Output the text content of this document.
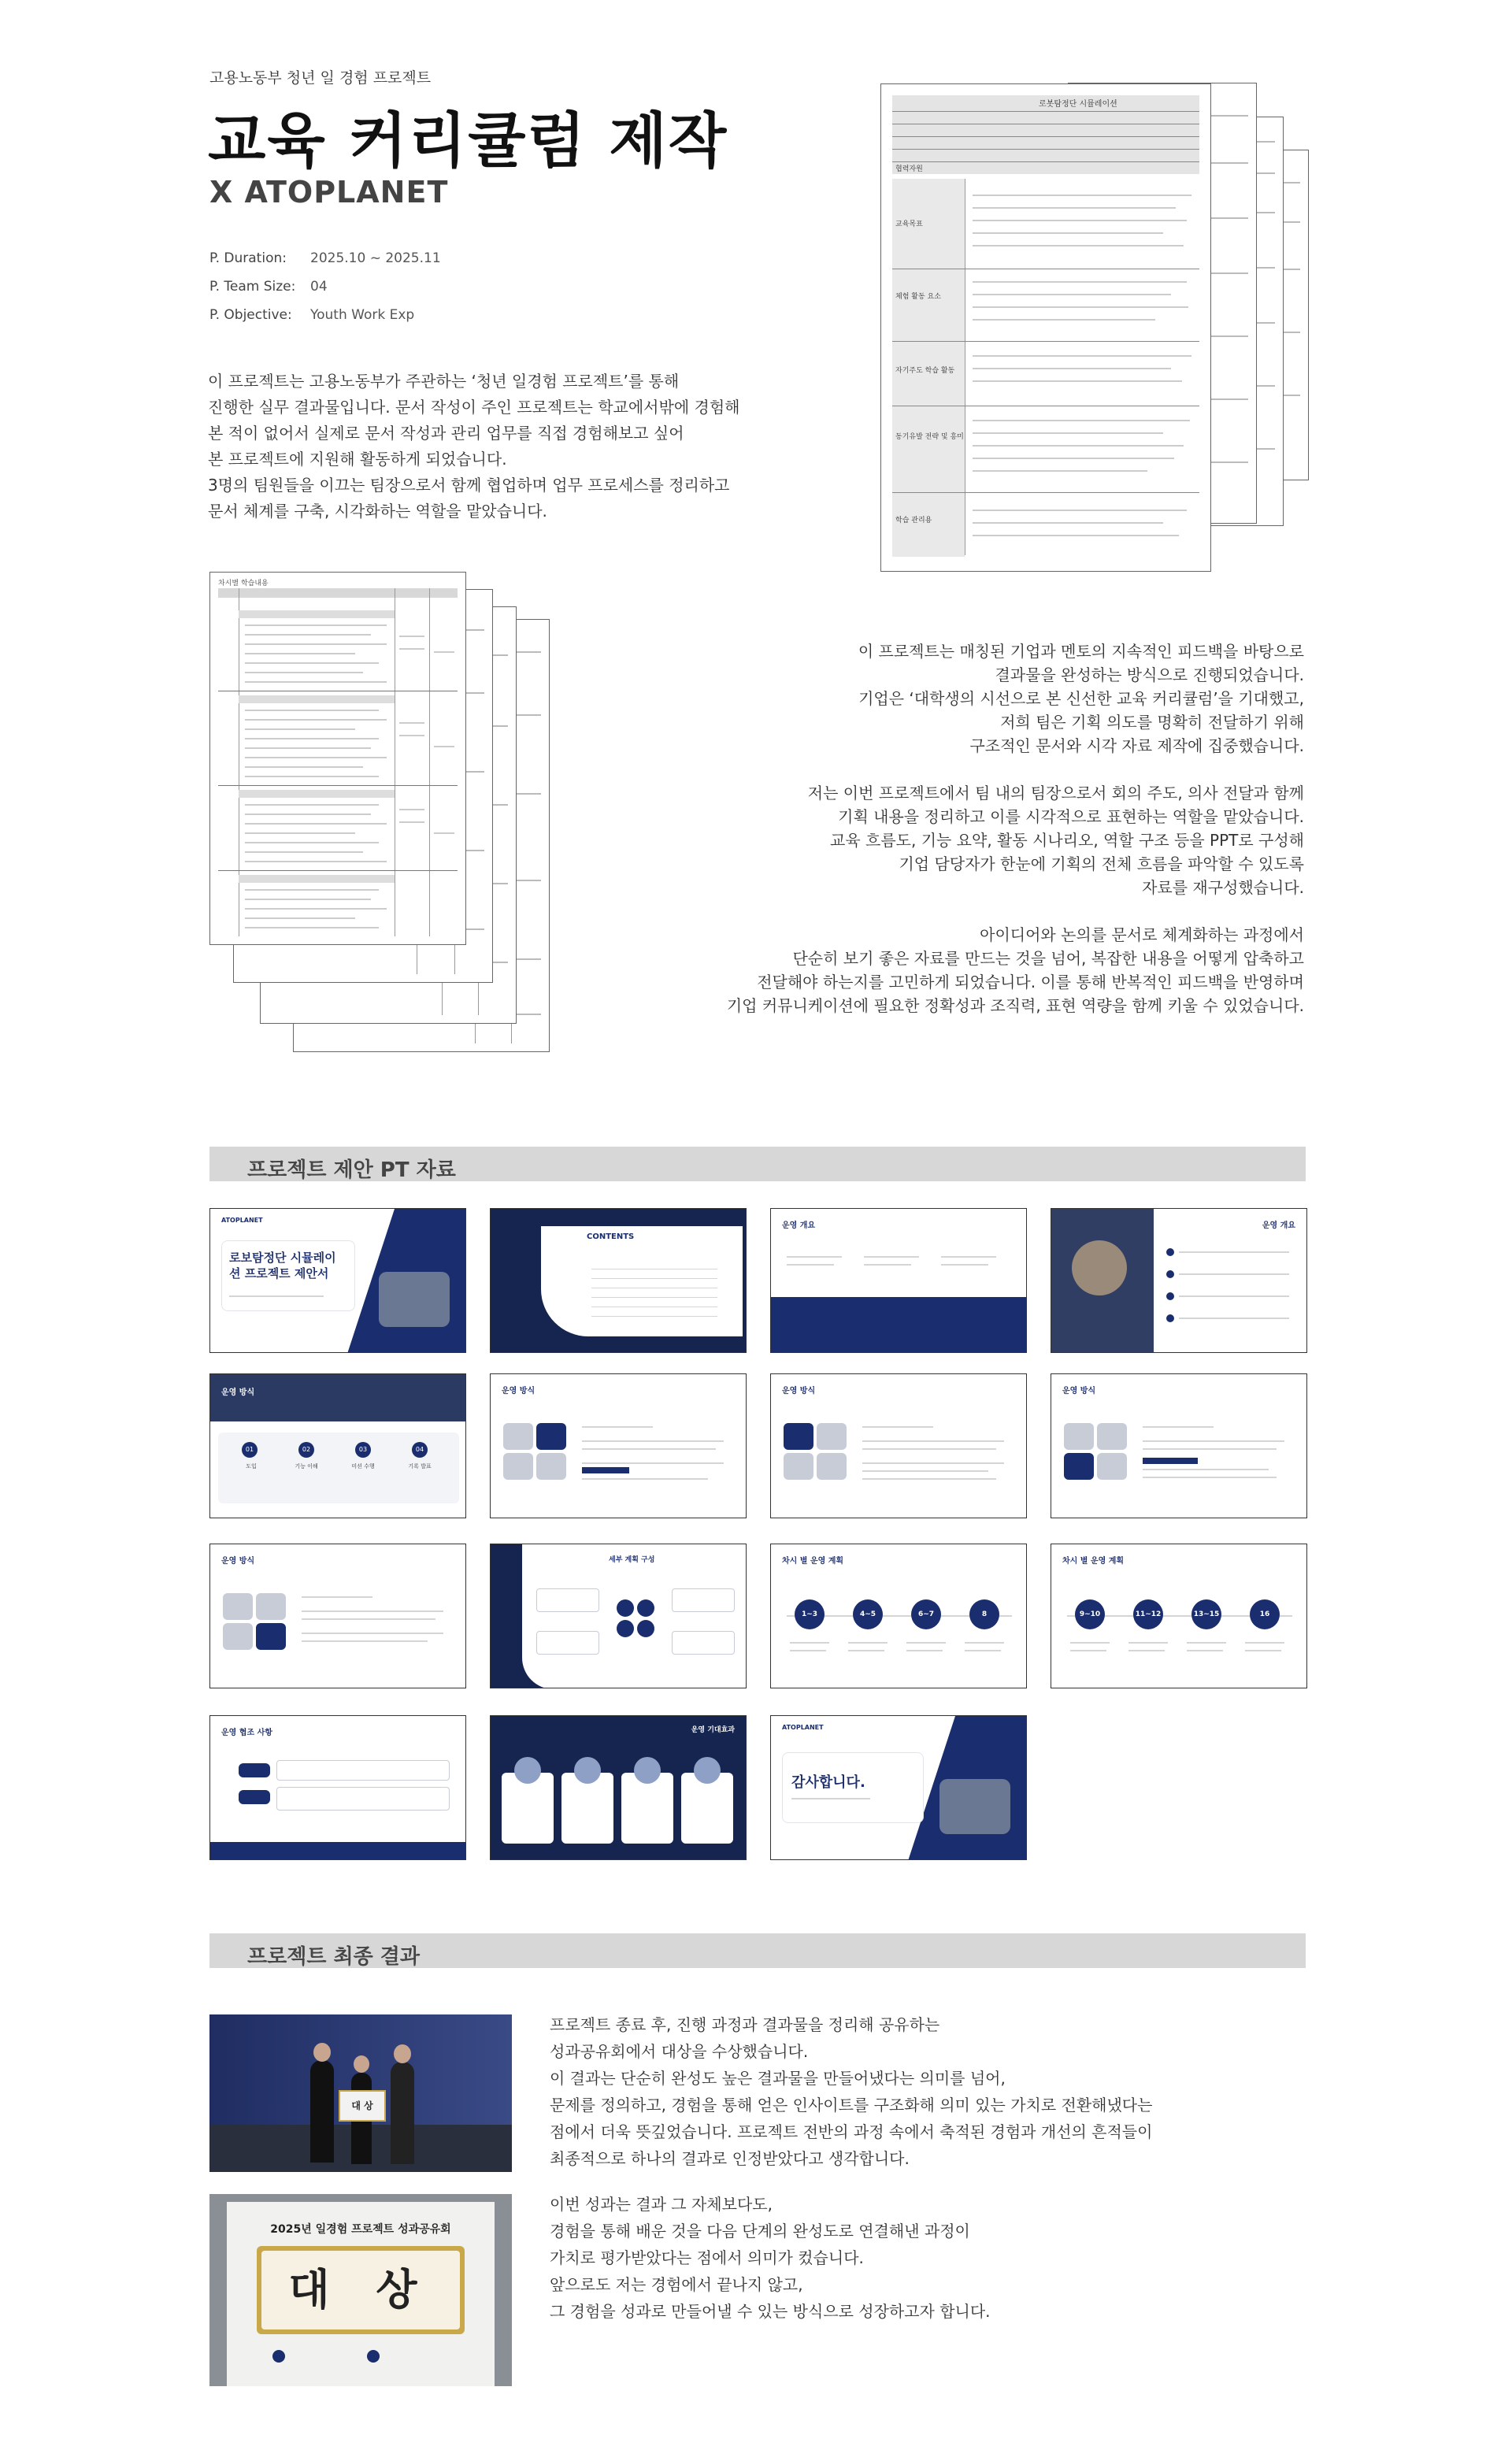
고용노동부 청년 일 경험 프로젝트
교육 커리큘럼 제작
X ATOPLANET
P. Duration: 2025.10 ~ 2025.11
P. Team Size: 04
P. Objective: Youth Work Exp

이 프로젝트는 고용노동부가 주관하는 ‘청년 일경험 프로젝트’를 통해

진행한 실무 결과물입니다. 문서 작성이 주인 프로젝트는 학교에서밖에 경험해

본 적이 없어서 실제로 문서 작성과 관리 업무를 직접 경험해보고 싶어

본 프로젝트에 지원해 활동하게 되었습니다.

3명의 팀원들을 이끄는 팀장으로서 함께 협업하며 업무 프로세스를 정리하고

문서 체계를 구축, 시각화하는 역할을 맡았습니다.

로봇탐정단 시뮬레이션
교육목표
체험 활동 요소
자기주도 학습 활동
동기유발 전략 및 흥미
학습 관리용
협력자원
차시별 학습내용

이 프로젝트는 매칭된 기업과 멘토의 지속적인 피드백을 바탕으로
결과물을 완성하는 방식으로 진행되었습니다.
기업은 ‘대학생의 시선으로 본 신선한 교육 커리큘럼’을 기대했고,
저희 팀은 기획 의도를 명확히 전달하기 위해
구조적인 문서와 시각 자료 제작에 집중했습니다.

저는 이번 프로젝트에서 팀 내의 팀장으로서 회의 주도, 의사 전달과 함께
기획 내용을 정리하고 이를 시각적으로 표현하는 역할을 맡았습니다.
교육 흐름도, 기능 요약, 활동 시나리오, 역할 구조 등을 PPT로 구성해
기업 담당자가 한눈에 기획의 전체 흐름을 파악할 수 있도록
자료를 재구성했습니다.

아이디어와 논의를 문서로 체계화하는 과정에서
단순히 보기 좋은 자료를 만드는 것을 넘어, 복잡한 내용을 어떻게 압축하고
전달해야 하는지를 고민하게 되었습니다. 이를 통해 반복적인 피드백을 반영하며
기업 커뮤니케이션에 필요한 정확성과 조직력, 표현 역량을 함께 키울 수 있었습니다.

프로젝트 제안 PT 자료
ATOPLANET
로보탐정단 시뮬레이션 프로젝트 제안서
CONTENTS
운영 개요	운영 개요
운영 방식
01	02	03	04
도입	기능 이해	미션 수행	기록 발표
운영 방식	운영 방식	운영 방식
운영 방식	세부 계획 구성	차시 별 운영 계획
1~3	4~5	6~7	8
차시 별 운영 계획
9~10	11~12	13~15	16
운영 협조 사항	운영 기대효과	ATOPLANET
감사합니다.
프로젝트 최종 결과
대 상
2025년 일경험 프로젝트 성과공유회
대 상

프로젝트 종료 후, 진행 과정과 결과물을 정리해 공유하는

성과공유회에서 대상을 수상했습니다.

이 결과는 단순히 완성도 높은 결과물을 만들어냈다는 의미를 넘어,

문제를 정의하고, 경험을 통해 얻은 인사이트를 구조화해 의미 있는 가치로 전환해냈다는

점에서 더욱 뜻깊었습니다. 프로젝트 전반의 과정 속에서 축적된 경험과 개선의 흔적들이

최종적으로 하나의 결과로 인정받았다고 생각합니다.

이번 성과는 결과 그 자체보다도,

경험을 통해 배운 것을 다음 단계의 완성도로 연결해낸 과정이

가치로 평가받았다는 점에서 의미가 컸습니다.

앞으로도 저는 경험에서 끝나지 않고,

그 경험을 성과로 만들어낼 수 있는 방식으로 성장하고자 합니다.
